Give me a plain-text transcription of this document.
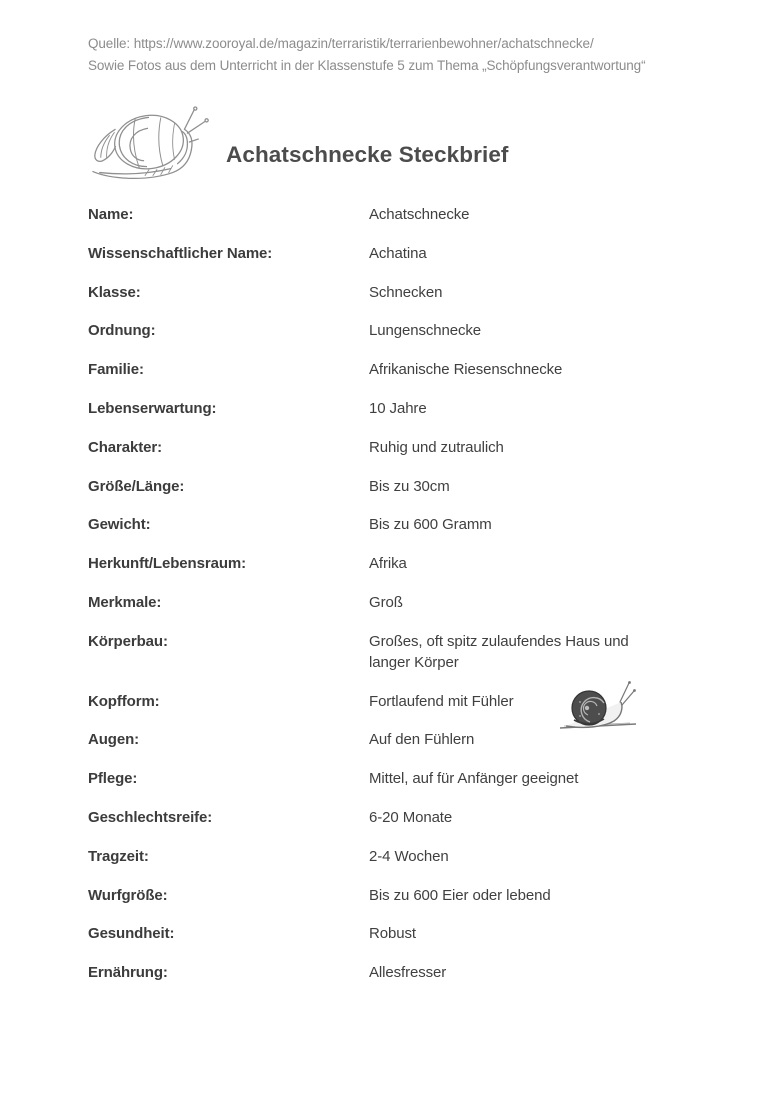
Quelle: https://www.zooroyal.de/magazin/terraristik/terrarienbewohner/achatschnecke/
Sowie Fotos aus dem Unterricht in der Klassenstufe 5 zum Thema „Schöpfungsverantwortung“
Achatschnecke Steckbrief
Name:	Achatschnecke
Wissenschaftlicher Name:	Achatina
Klasse:	Schnecken
Ordnung:	Lungenschnecke
Familie:	Afrikanische Riesenschnecke
Lebenserwartung:	10 Jahre
Charakter:	Ruhig und zutraulich
Größe/Länge:	Bis zu 30cm
Gewicht:	Bis zu 600 Gramm
Herkunft/Lebensraum:	Afrika
Merkmale:	Groß
Körperbau:	Großes, oft spitz zulaufendes Haus und langer Körper
Kopfform:	Fortlaufend mit Fühler
Augen:	Auf den Fühlern
Pflege:	Mittel, auf für Anfänger geeignet
Geschlechtsreife:	6-20 Monate
Tragzeit:	2-4 Wochen
Wurfgröße:	Bis zu 600 Eier oder lebend
Gesundheit:	Robust
Ernährung:	Allesfresser
